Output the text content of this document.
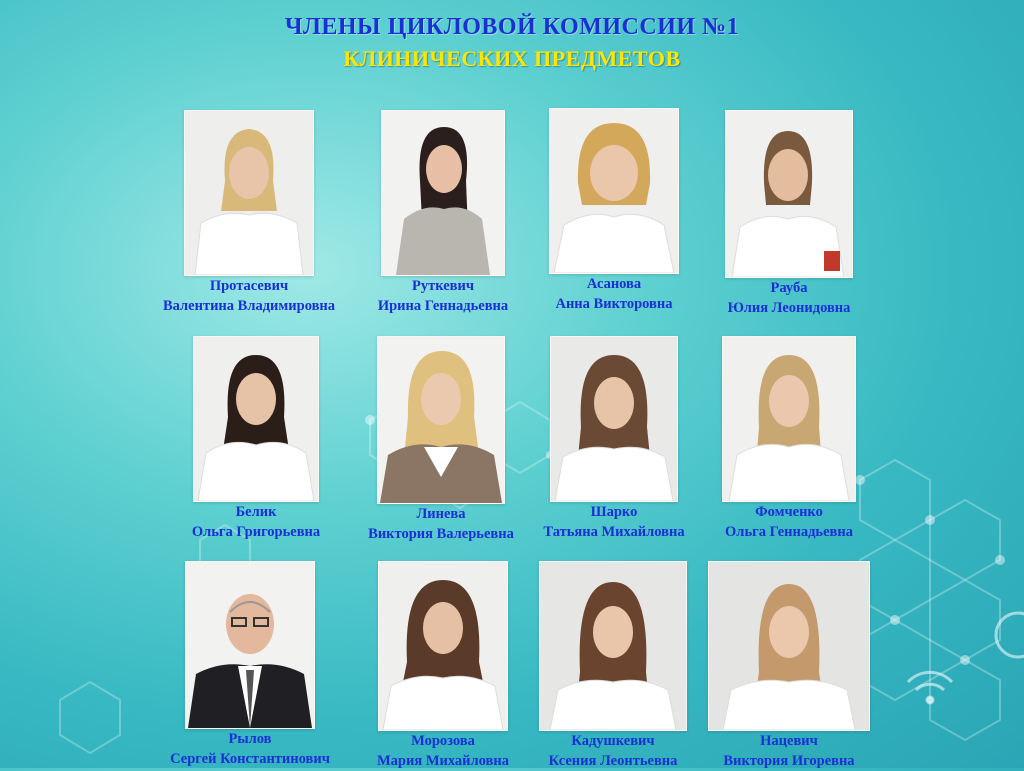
ЧЛЕНЫ ЦИКЛОВОЙ КОМИССИИ №1
КЛИНИЧЕСКИХ ПРЕДМЕТОВ
Протасевич
Валентина Владимировна
Руткевич
Ирина Геннадьевна
Асанова
Анна Викторовна
Рауба
Юлия Леонидовна
Белик
Ольга Григорьевна
Линева
Виктория Валерьевна
Шарко
Татьяна Михайловна
Фомченко
Ольга Геннадьевна
Рылов
Сергей Константинович
Морозова
Мария Михайловна
Кадушкевич
Ксения Леонтьевна
Нацевич
Виктория Игоревна
